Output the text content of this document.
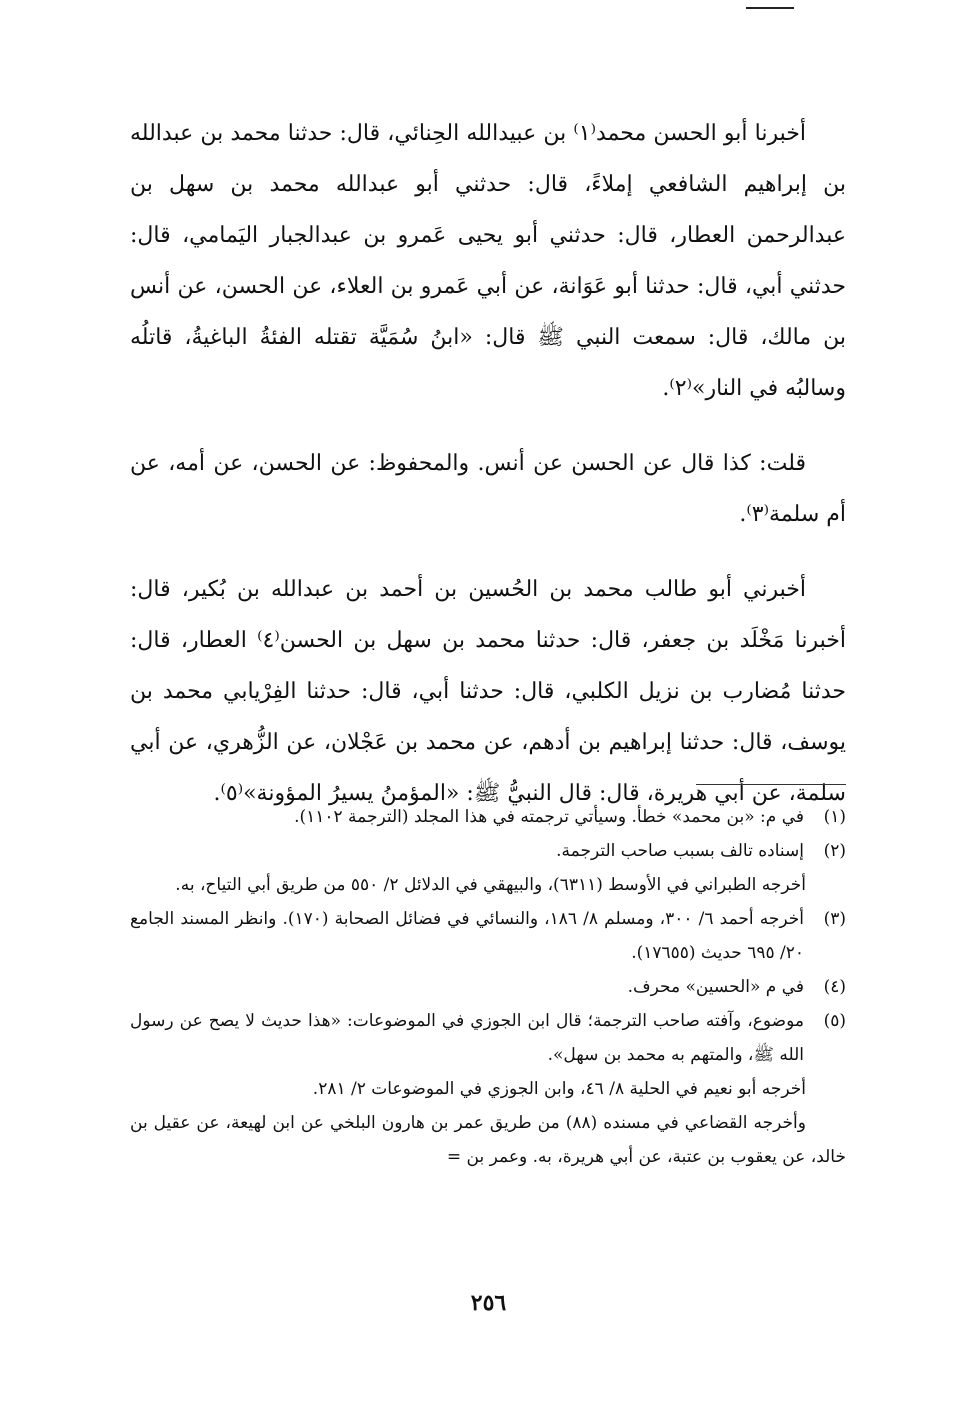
أخبرنا أبو الحسن محمد⁽١⁾ بن عبيدالله الحِنائي، قال: حدثنا محمد بن عبدالله بن إبراهيم الشافعي إملاءً، قال: حدثني أبو عبدالله محمد بن سهل بن عبدالرحمن العطار، قال: حدثني أبو يحيى عَمرو بن عبدالجبار اليَمامي، قال: حدثني أبي، قال: حدثنا أبو عَوَانة، عن أبي عَمرو بن العلاء، عن الحسن، عن أنس بن مالك، قال: سمعت النبي ﷺ قال: «ابنُ سُمَيَّة تقتله الفئةُ الباغيةُ، قاتلُه وسالبُه في النار»⁽٢⁾.

قلت: كذا قال عن الحسن عن أنس. والمحفوظ: عن الحسن، عن أمه، عن أم سلمة⁽٣⁾.

أخبرني أبو طالب محمد بن الحُسين بن أحمد بن عبدالله بن بُكير، قال: أخبرنا مَخْلَد بن جعفر، قال: حدثنا محمد بن سهل بن الحسن⁽٤⁾ العطار، قال: حدثنا مُضارب بن نزيل الكلبي، قال: حدثنا أبي، قال: حدثنا الفِرْيابي محمد بن يوسف، قال: حدثنا إبراهيم بن أدهم، عن محمد بن عَجْلان، عن الزُّهري، عن أبي سلمة، عن أبي هريرة، قال: قال النبيُّ ﷺ: «المؤمنُ يسيرُ المؤونة»⁽٥⁾.

(١)
في م: «بن محمد» خطأ. وسيأتي ترجمته في هذا المجلد (الترجمة ١١٠٢).
(٢)
إسناده تالف بسبب صاحب الترجمة.

أخرجه الطبراني في الأوسط (٦٣١١)، والبيهقي في الدلائل ٢/ ٥٥٠ من طريق أبي التياح، به.

(٣)
أخرجه أحمد ٦/ ٣٠٠، ومسلم ٨/ ١٨٦، والنسائي في فضائل الصحابة (١٧٠). وانظر المسند الجامع ٢٠/ ٦٩٥ حديث (١٧٦٥٥).
(٤)
في م «الحسين» محرف.
(٥)
موضوع، وآفته صاحب الترجمة؛ قال ابن الجوزي في الموضوعات: «هذا حديث لا يصح عن رسول الله ﷺ، والمتهم به محمد بن سهل».

أخرجه أبو نعيم في الحلية ٨/ ٤٦، وابن الجوزي في الموضوعات ٢/ ٢٨١.

وأخرجه القضاعي في مسنده (٨٨) من طريق عمر بن هارون البلخي عن ابن لهيعة، عن عقيل بن خالد، عن يعقوب بن عتبة، عن أبي هريرة، به. وعمر بن =

٢٥٦
